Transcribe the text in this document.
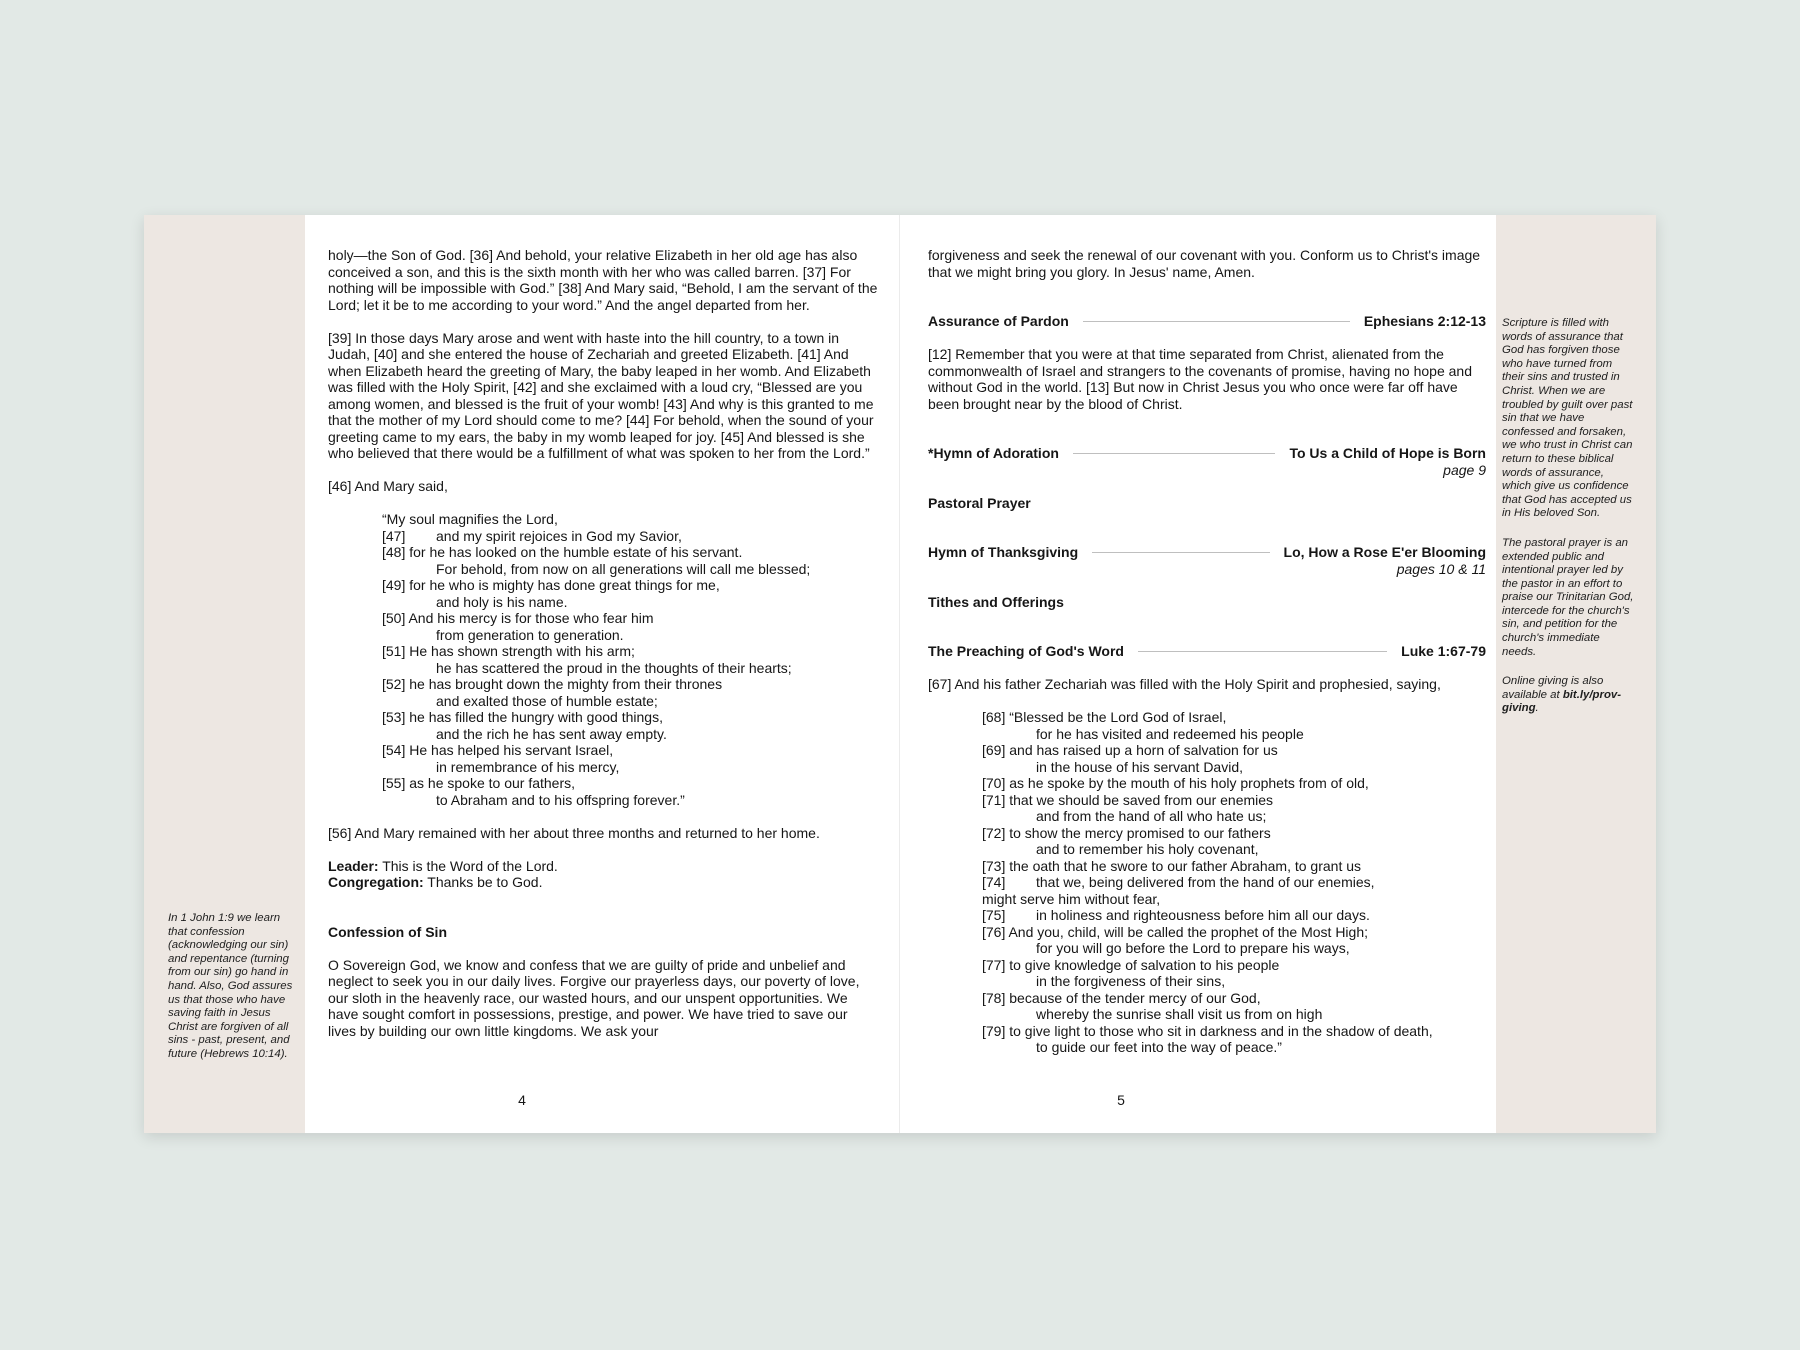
In 1 John 1:9 we learn that confession (acknowledging our sin) and repentance (turning from our sin) go hand in hand. Also, God assures us that those who have saving faith in Jesus Christ are forgiven of all sins - past, present, and future (Hebrews 10:14).

Scripture is filled with words of assurance that God has forgiven those who have turned from their sins and trusted in Christ. When we are troubled by guilt over past sin that we have confessed and forsaken, we who trust in Christ can return to these biblical words of assurance, which give us confidence that God has accepted us in His beloved Son.

The pastoral prayer is an extended public and intentional prayer led by the pastor in an effort to praise our Trinitarian God, intercede for the church's sin, and petition for the church's immediate needs.

Online giving is also available at bit.ly/prov-giving.

holy—the Son of God. [36] And behold, your relative Elizabeth in her old age has also conceived a son, and this is the sixth month with her who was called barren. [37] For nothing will be impossible with God.” [38] And Mary said, “Behold, I am the servant of the Lord; let it be to me according to your word.” And the angel departed from her.

[39] In those days Mary arose and went with haste into the hill country, to a town in Judah, [40] and she entered the house of Zechariah and greeted Elizabeth. [41] And when Elizabeth heard the greeting of Mary, the baby leaped in her womb. And Elizabeth was filled with the Holy Spirit, [42] and she exclaimed with a loud cry, “Blessed are you among women, and blessed is the fruit of your womb! [43] And why is this granted to me that the mother of my Lord should come to me? [44] For behold, when the sound of your greeting came to my ears, the baby in my womb leaped for joy. [45] And blessed is she who believed that there would be a fulfillment of what was spoken to her from the Lord.”

[46] And Mary said,

“My soul magnifies the Lord,
[47] and my spirit rejoices in God my Savior,
[48] for he has looked on the humble estate of his servant.
For behold, from now on all generations will call me blessed;
[49] for he who is mighty has done great things for me,
and holy is his name.
[50] And his mercy is for those who fear him
from generation to generation.
[51] He has shown strength with his arm;
he has scattered the proud in the thoughts of their hearts;
[52] he has brought down the mighty from their thrones
and exalted those of humble estate;
[53] he has filled the hungry with good things,
and the rich he has sent away empty.
[54] He has helped his servant Israel,
in remembrance of his mercy,
[55] as he spoke to our fathers,
to Abraham and to his offspring forever.”

[56] And Mary remained with her about three months and returned to her home.

Leader: This is the Word of the Lord.

Congregation: Thanks be to God.

Confession of Sin

O Sovereign God, we know and confess that we are guilty of pride and unbelief and neglect to seek you in our daily lives. Forgive our prayerless days, our poverty of love, our sloth in the heavenly race, our wasted hours, and our unspent opportunities. We have sought comfort in possessions, prestige, and power. We have tried to save our lives by building our own little kingdoms. We ask your

4

forgiveness and seek the renewal of our covenant with you. Conform us to Christ's image that we might bring you glory. In Jesus' name, Amen.

Assurance of Pardon	Ephesians 2:12-13

[12] Remember that you were at that time separated from Christ, alienated from the commonwealth of Israel and strangers to the covenants of promise, having no hope and without God in the world. [13] But now in Christ Jesus you who once were far off have been brought near by the blood of Christ.

*Hymn of Adoration	To Us a Child of Hope is Born

page 9

Pastoral Prayer

Hymn of Thanksgiving	Lo, How a Rose E'er Blooming

pages 10 & 11

Tithes and Offerings

The Preaching of God's Word	Luke 1:67-79

[67] And his father Zechariah was filled with the Holy Spirit and prophesied, saying,

[68] “Blessed be the Lord God of Israel,
for he has visited and redeemed his people
[69] and has raised up a horn of salvation for us
in the house of his servant David,
[70] as he spoke by the mouth of his holy prophets from of old,
[71] that we should be saved from our enemies
and from the hand of all who hate us;
[72] to show the mercy promised to our fathers
and to remember his holy covenant,
[73] the oath that he swore to our father Abraham, to grant us
[74] that we, being delivered from the hand of our enemies,
might serve him without fear,
[75] in holiness and righteousness before him all our days.
[76] And you, child, will be called the prophet of the Most High;
for you will go before the Lord to prepare his ways,
[77] to give knowledge of salvation to his people
in the forgiveness of their sins,
[78] because of the tender mercy of our God,
whereby the sunrise shall visit us from on high
[79] to give light to those who sit in darkness and in the shadow of death,
to guide our feet into the way of peace.”
5
